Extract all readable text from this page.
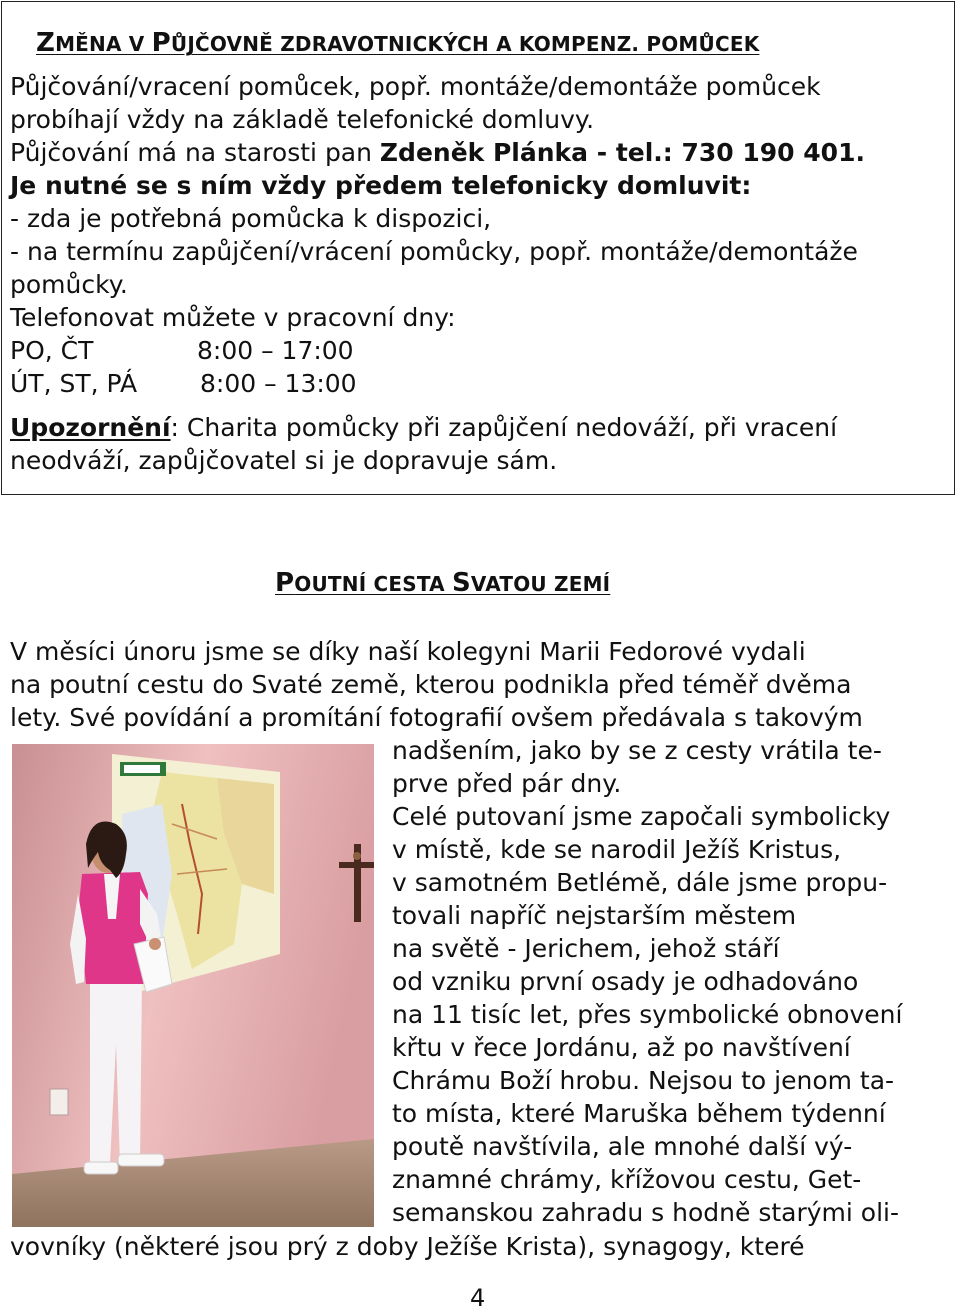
ZMĚNA V PŮJČOVNĚ ZDRAVOTNICKÝCH A KOMPENZ. POMŮCEK
Půjčování/vracení pomůcek, popř. montáže/demontáže pomůcek
probíhají vždy na základě telefonické domluvy.
Půjčování má na starosti pan Zdeněk Plánka - tel.: 730 190 401.
Je nutné se s ním vždy předem telefonicky domluvit:
- zda je potřebná pomůcka k dispozici,
- na termínu zapůjčení/vrácení pomůcky, popř. montáže/demontáže
pomůcky.
Telefonovat můžete v pracovní dny:
PO, ČT	8:00 – 17:00
ÚT, ST, PÁ	8:00 – 13:00
Upozornění: Charita pomůcky při zapůjčení nedováží, při vracení
neodváží, zapůjčovatel si je dopravuje sám.
POUTNÍ CESTA SVATOU ZEMÍ
V měsíci únoru jsme se díky naší kolegyni Marii Fedorové vydali
na poutní cestu do Svaté země, kterou podnikla před téměř dvěma
lety. Své povídání a promítání fotografií ovšem předávala s takovým
nadšením, jako by se z cesty vrátila te-
prve před pár dny.
Celé putovaní jsme započali symbolicky
v místě, kde se narodil Ježíš Kristus,
v samotném Betlémě, dále jsme propu-
tovali napříč nejstarším městem
na světě - Jerichem, jehož stáří
od vzniku první osady je odhadováno
na 11 tisíc let, přes symbolické obnovení
křtu v řece Jordánu, až po navštívení
Chrámu Boží hrobu. Nejsou to jenom ta-
to místa, které Maruška během týdenní
poutě navštívila, ale mnohé další vý-
znamné chrámy, křížovou cestu, Get-
semanskou zahradu s hodně starými oli-
vovníky (některé jsou prý z doby Ježíše Krista), synagogy, které
4
